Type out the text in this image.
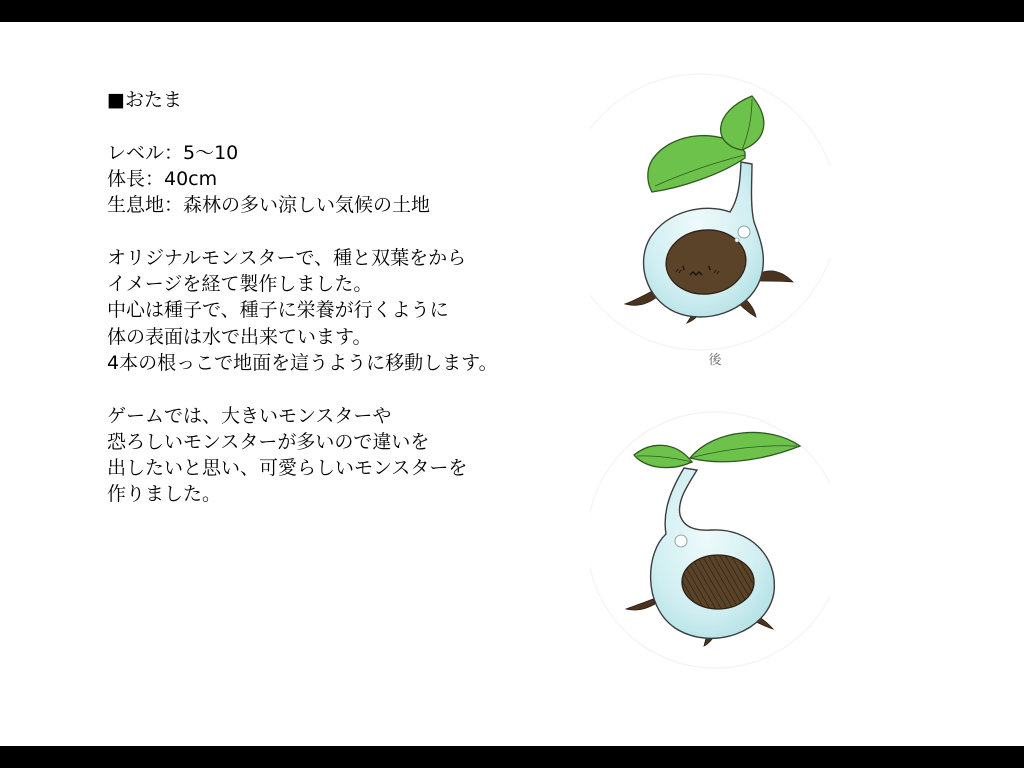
■おたま
レベル：5～10
体長：40cm
生息地：森林の多い涼しい気候の土地
オリジナルモンスターで、種と双葉をから
イメージを経て製作しました。
中心は種子で、種子に栄養が行くように
体の表面は水で出来ています。
4本の根っこで地面を這うように移動します。
ゲームでは、大きいモンスターや
恐ろしいモンスターが多いので違いを
出したいと思い、可愛らしいモンスターを
作りました。
後
